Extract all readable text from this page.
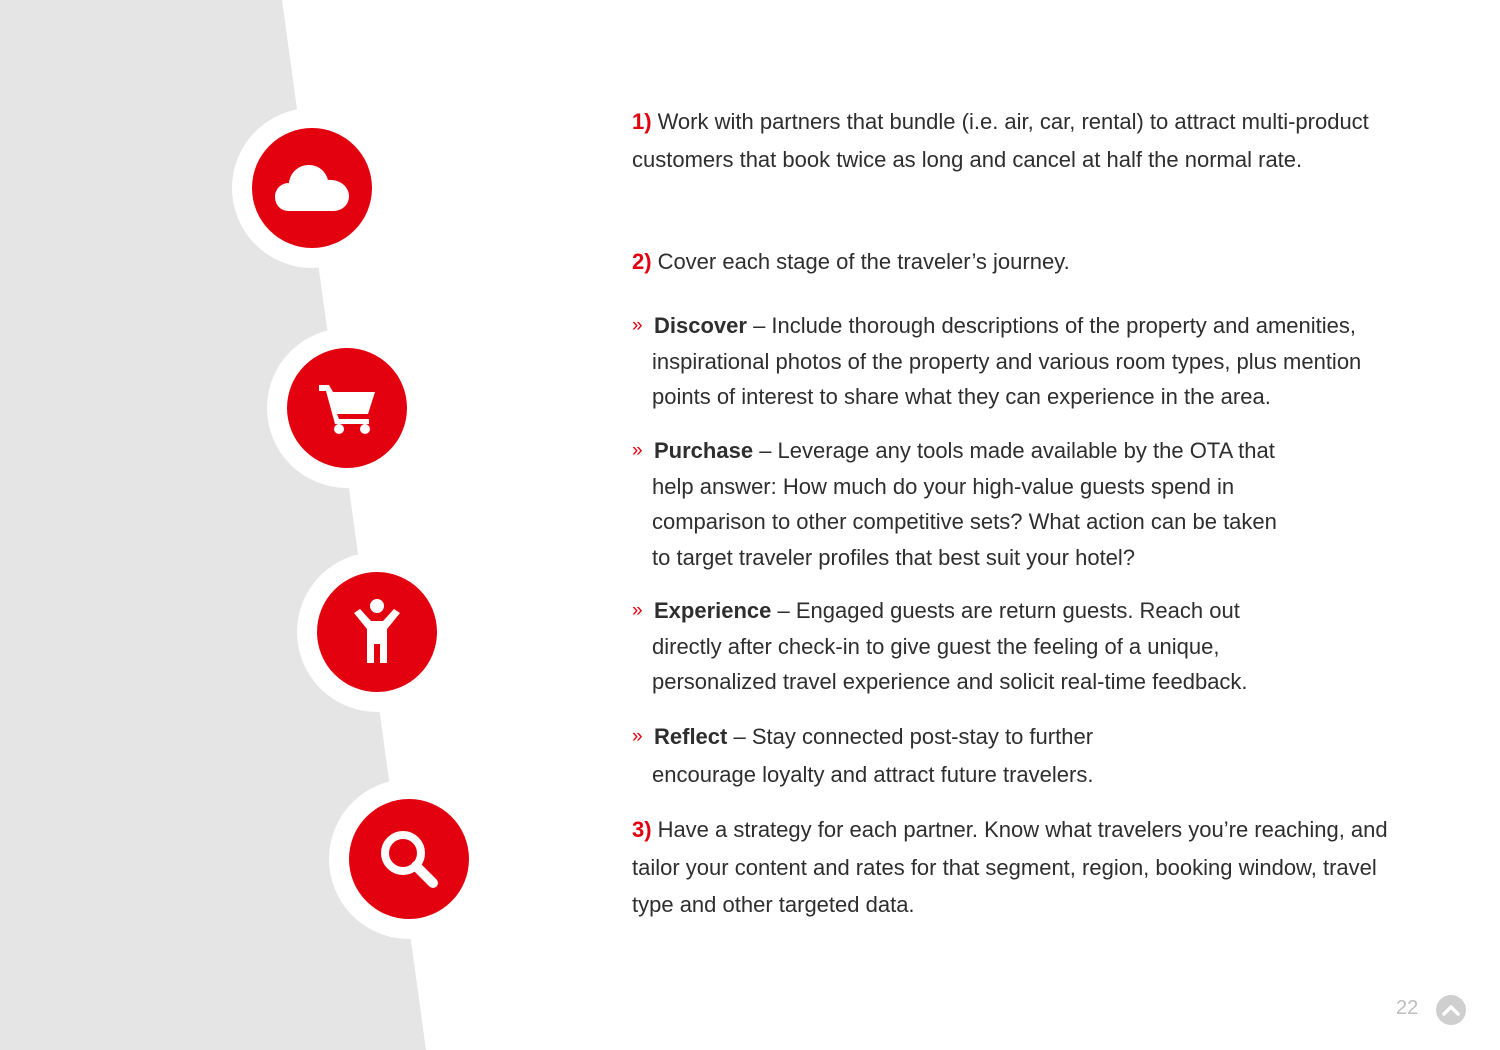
1) Work with partners that bundle (i.e. air, car, rental) to attract multi-product customers that book twice as long and cancel at half the normal rate.
2) Cover each stage of the traveler’s journey.
» Discover – Include thorough descriptions of the property and amenities, inspirational photos of the property and various room types, plus mention points of interest to share what they can experience in the area.
» Purchase – Leverage any tools made available by the OTA that help answer: How much do your high-value guests spend in comparison to other competitive sets? What action can be taken to target traveler profiles that best suit your hotel?
» Experience – Engaged guests are return guests. Reach out directly after check-in to give guest the feeling of a unique, personalized travel experience and solicit real-time feedback.
» Reflect – Stay connected post-stay to further encourage loyalty and attract future travelers.
3) Have a strategy for each partner. Know what travelers you’re reaching, and tailor your content and rates for that segment, region, booking window, travel type and other targeted data.
22
